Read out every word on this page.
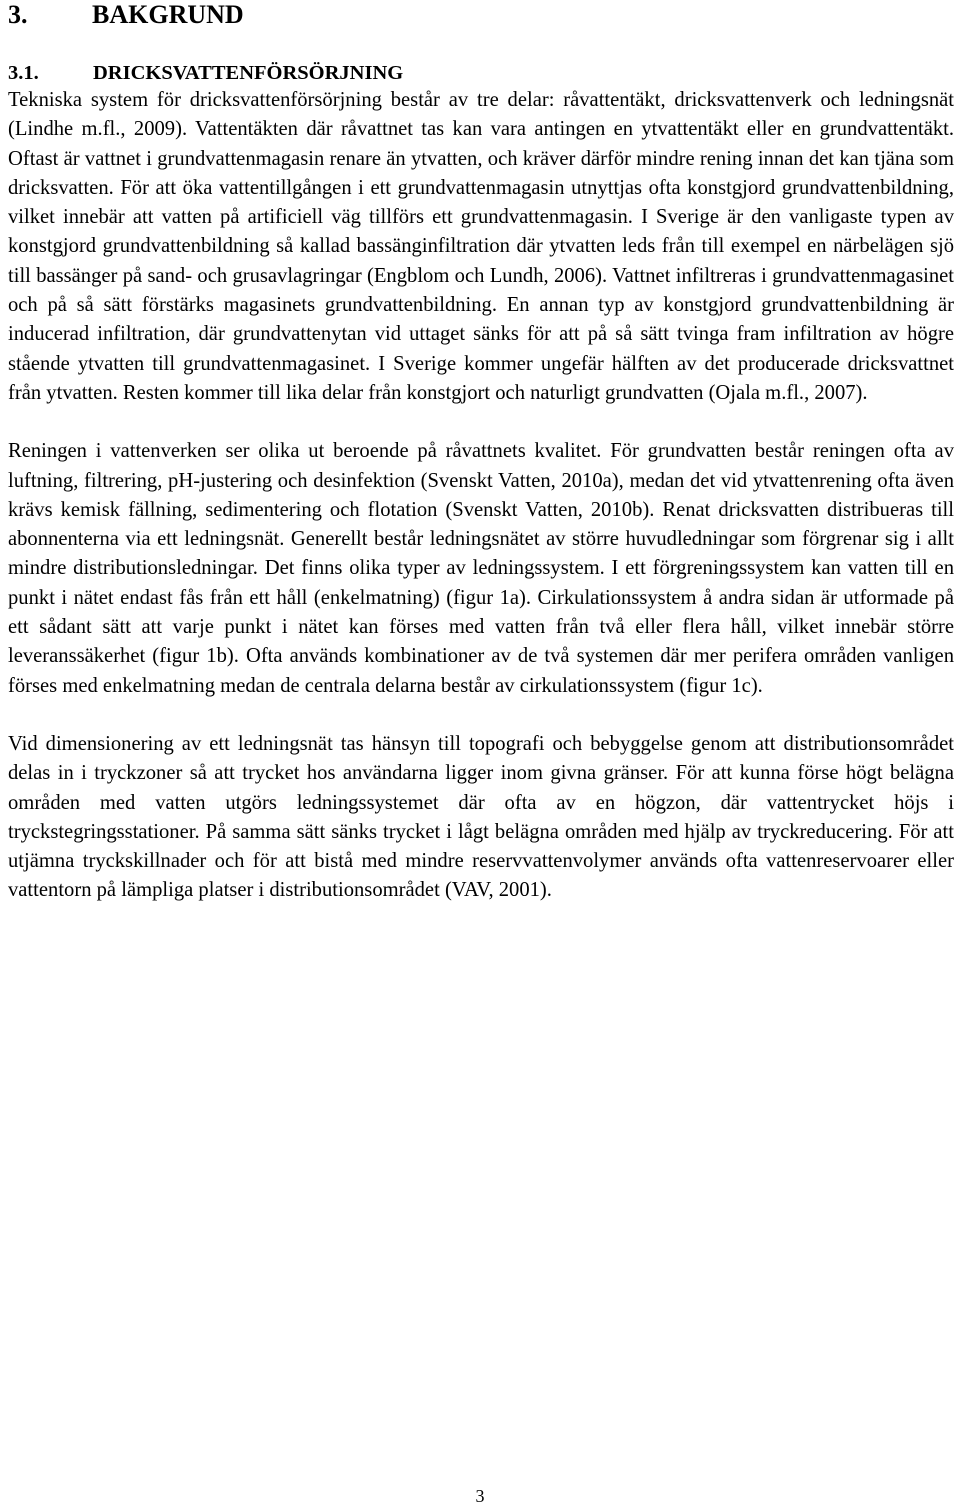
3. BAKGRUND
3.1.	DRICKSVATTENFÖRSÖRJNING

Tekniska system för dricksvattenförsörjning består av tre delar: råvattentäkt, dricksvattenverk och ledningsnät (Lindhe m.fl., 2009). Vattentäkten där råvattnet tas kan vara antingen en ytvattentäkt eller en grundvattentäkt. Oftast är vattnet i grundvattenmagasin renare än ytvatten, och kräver därför mindre rening innan det kan tjäna som dricksvatten. För att öka vattentillgången i ett grundvattenmagasin utnyttjas ofta konstgjord grundvattenbildning, vilket innebär att vatten på artificiell väg tillförs ett grundvattenmagasin. I Sverige är den vanligaste typen av konstgjord grundvattenbildning så kallad bassänginfiltration där ytvatten leds från till exempel en närbelägen sjö till bassänger på sand- och grusavlagringar (Engblom och Lundh, 2006). Vattnet infiltreras i grundvattenmagasinet och på så sätt förstärks magasinets grundvattenbildning. En annan typ av konstgjord grundvattenbildning är inducerad infiltration, där grundvattenytan vid uttaget sänks för att på så sätt tvinga fram infiltration av högre stående ytvatten till grundvattenmagasinet. I Sverige kommer ungefär hälften av det producerade dricksvattnet från ytvatten. Resten kommer till lika delar från konstgjort och naturligt grundvatten (Ojala m.fl., 2007).

Reningen i vattenverken ser olika ut beroende på råvattnets kvalitet. För grundvatten består reningen ofta av luftning, filtrering, pH-justering och desinfektion (Svenskt Vatten, 2010a), medan det vid ytvattenrening ofta även krävs kemisk fällning, sedimentering och flotation (Svenskt Vatten, 2010b). Renat dricksvatten distribueras till abonnenterna via ett ledningsnät. Generellt består ledningsnätet av större huvudledningar som förgrenar sig i allt mindre distributionsledningar. Det finns olika typer av ledningssystem. I ett förgreningssystem kan vatten till en punkt i nätet endast fås från ett håll (enkelmatning) (figur 1a). Cirkulationssystem å andra sidan är utformade på ett sådant sätt att varje punkt i nätet kan förses med vatten från två eller flera håll, vilket innebär större leveranssäkerhet (figur 1b). Ofta används kombinationer av de två systemen där mer perifera områden vanligen förses med enkelmatning medan de centrala delarna består av cirkulationssystem (figur 1c).

Vid dimensionering av ett ledningsnät tas hänsyn till topografi och bebyggelse genom att distributionsområdet delas in i tryckzoner så att trycket hos användarna ligger inom givna gränser. För att kunna förse högt belägna områden med vatten utgörs ledningssystemet där ofta av en högzon, där vattentrycket höjs i tryckstegringsstationer. På samma sätt sänks trycket i lågt belägna områden med hjälp av tryckreducering. För att utjämna tryckskillnader och för att bistå med mindre reservvattenvolymer används ofta vattenreservoarer eller vattentorn på lämpliga platser i distributionsområdet (VAV, 2001).

3
